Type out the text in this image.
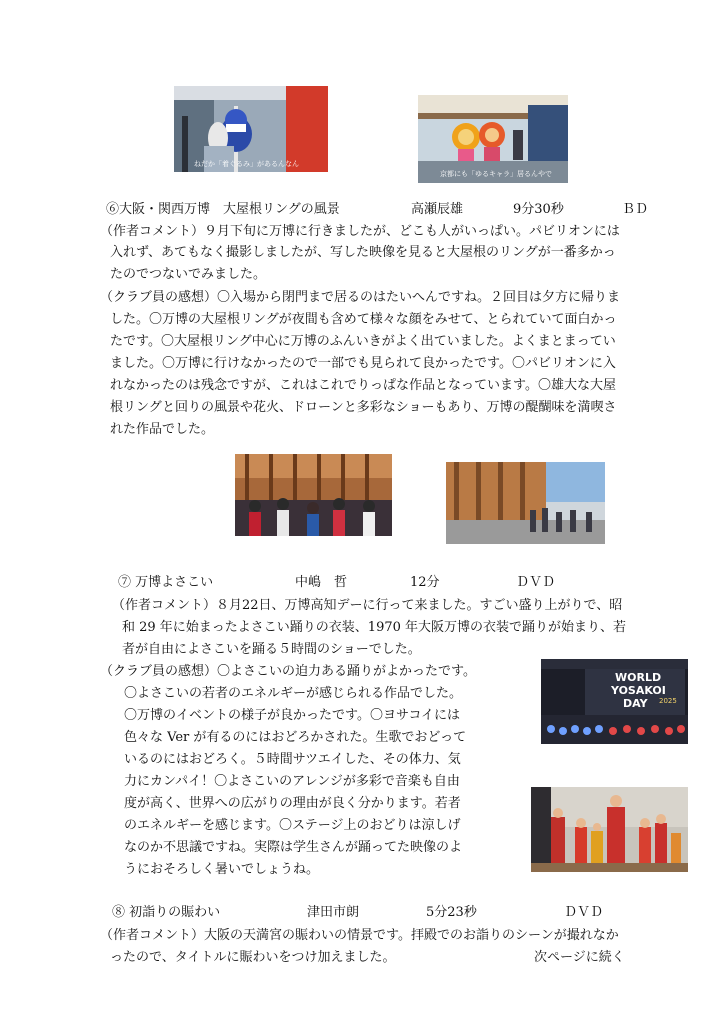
ねだか「着ぐるみ」があるんなん
京都にも「ゆるキャラ」居るんやで
⑥大阪・関西万博　大屋根リングの風景	高瀬辰雄	9分30秒	ＢＤ
（作者コメント）９月下旬に万博に行きましたが、どこも人がいっぱい。パビリオンには
入れず、あてもなく撮影しましたが、写した映像を見ると大屋根のリングが一番多かっ
たのでつないでみました。
（クラブ員の感想）〇入場から閉門まで居るのはたいへんですね。２回目は夕方に帰りま
した。〇万博の大屋根リングが夜間も含めて様々な顔をみせて、とられていて面白かっ
たです。〇大屋根リング中心に万博のふんいきがよく出ていました。よくまとまってい
ました。〇万博に行けなかったので一部でも見られて良かったです。〇パビリオンに入
れなかったのは残念ですが、これはこれでりっぱな作品となっています。〇雄大な大屋
根リングと回りの風景や花火、ドローンと多彩なショーもあり、万博の醍醐味を満喫さ
れた作品でした。
⑦ 万博よさこい	中嶋　哲	12分	ＤＶＤ
（作者コメント）８月22日、万博高知デーに行って来ました。すごい盛り上がりで、昭
和 29 年に始まったよさこい踊りの衣装、1970 年大阪万博の衣装で踊りが始まり、若
者が自由によさこいを踊る５時間のショーでした。
（クラブ員の感想）〇よさこいの迫力ある踊りがよかったです。
〇よさこいの若者のエネルギーが感じられる作品でした。
〇万博のイベントの様子が良かったです。〇ヨサコイには
色々な Ver が有るのにはおどろかされた。生歌でおどって
いるのにはおどろく。５時間サツエイした、その体力、気
力にカンパイ！〇よさこいのアレンジが多彩で音楽も自由
度が高く、世界への広がりの理由が良く分かります。若者
のエネルギーを感じます。〇ステージ上のおどりは涼しげ
なのか不思議ですね。実際は学生さんが踊ってた映像のよ
うにおそろしく暑いでしょうね。
WORLD
YOSAKOI
DAY 2025
⑧ 初詣りの賑わい	津田市朗	5分23秒	ＤＶＤ
（作者コメント）大阪の天満宮の賑わいの情景です。拝殿でのお詣りのシーンが撮れなか
ったので、タイトルに賑わいをつけ加えました。	次ページに続く
